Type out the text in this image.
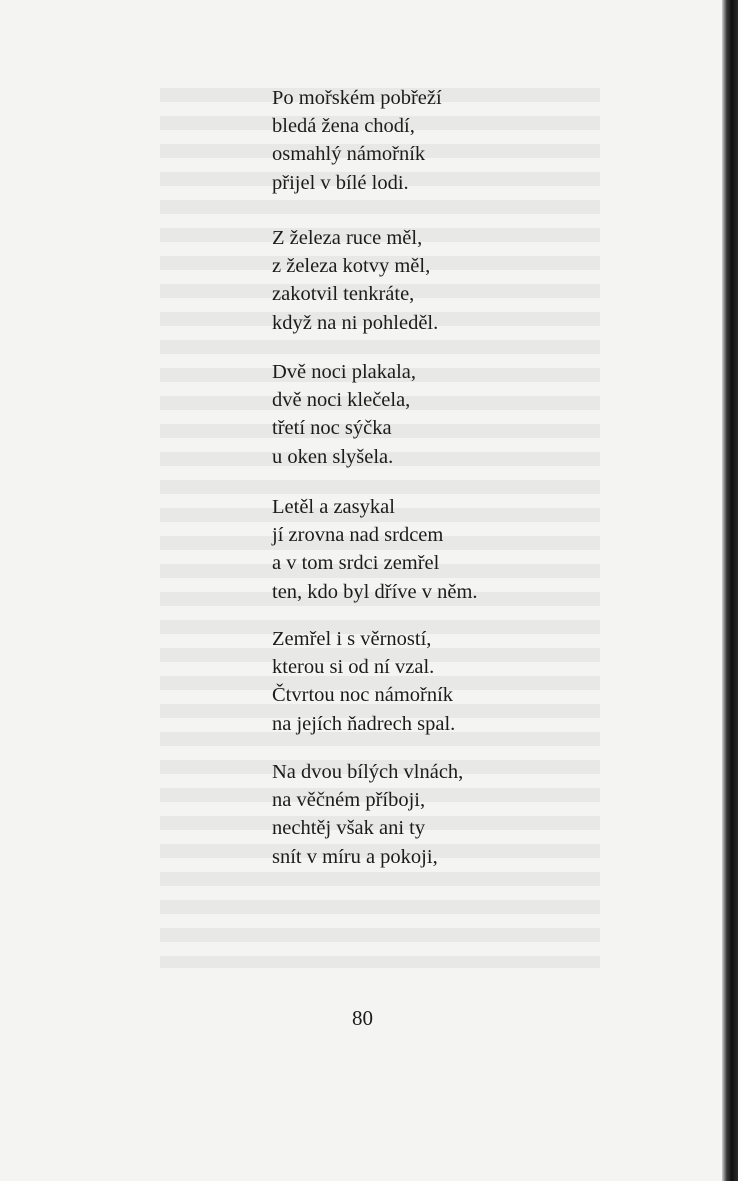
Po mořském pobřeží
bledá žena chodí,
osmahlý námořník
přijel v bílé lodi.
Z železa ruce měl,
z železa kotvy měl,
zakotvil tenkráte,
když na ni pohleděl.
Dvě noci plakala,
dvě noci klečela,
třetí noc sýčka
u oken slyšela.
Letěl a zasykal
jí zrovna nad srdcem
a v tom srdci zemřel
ten, kdo byl dříve v něm.
Zemřel i s věrností,
kterou si od ní vzal.
Čtvrtou noc námořník
na jejích ňadrech spal.
Na dvou bílých vlnách,
na věčném příboji,
nechtěj však ani ty
snít v míru a pokoji,
80
